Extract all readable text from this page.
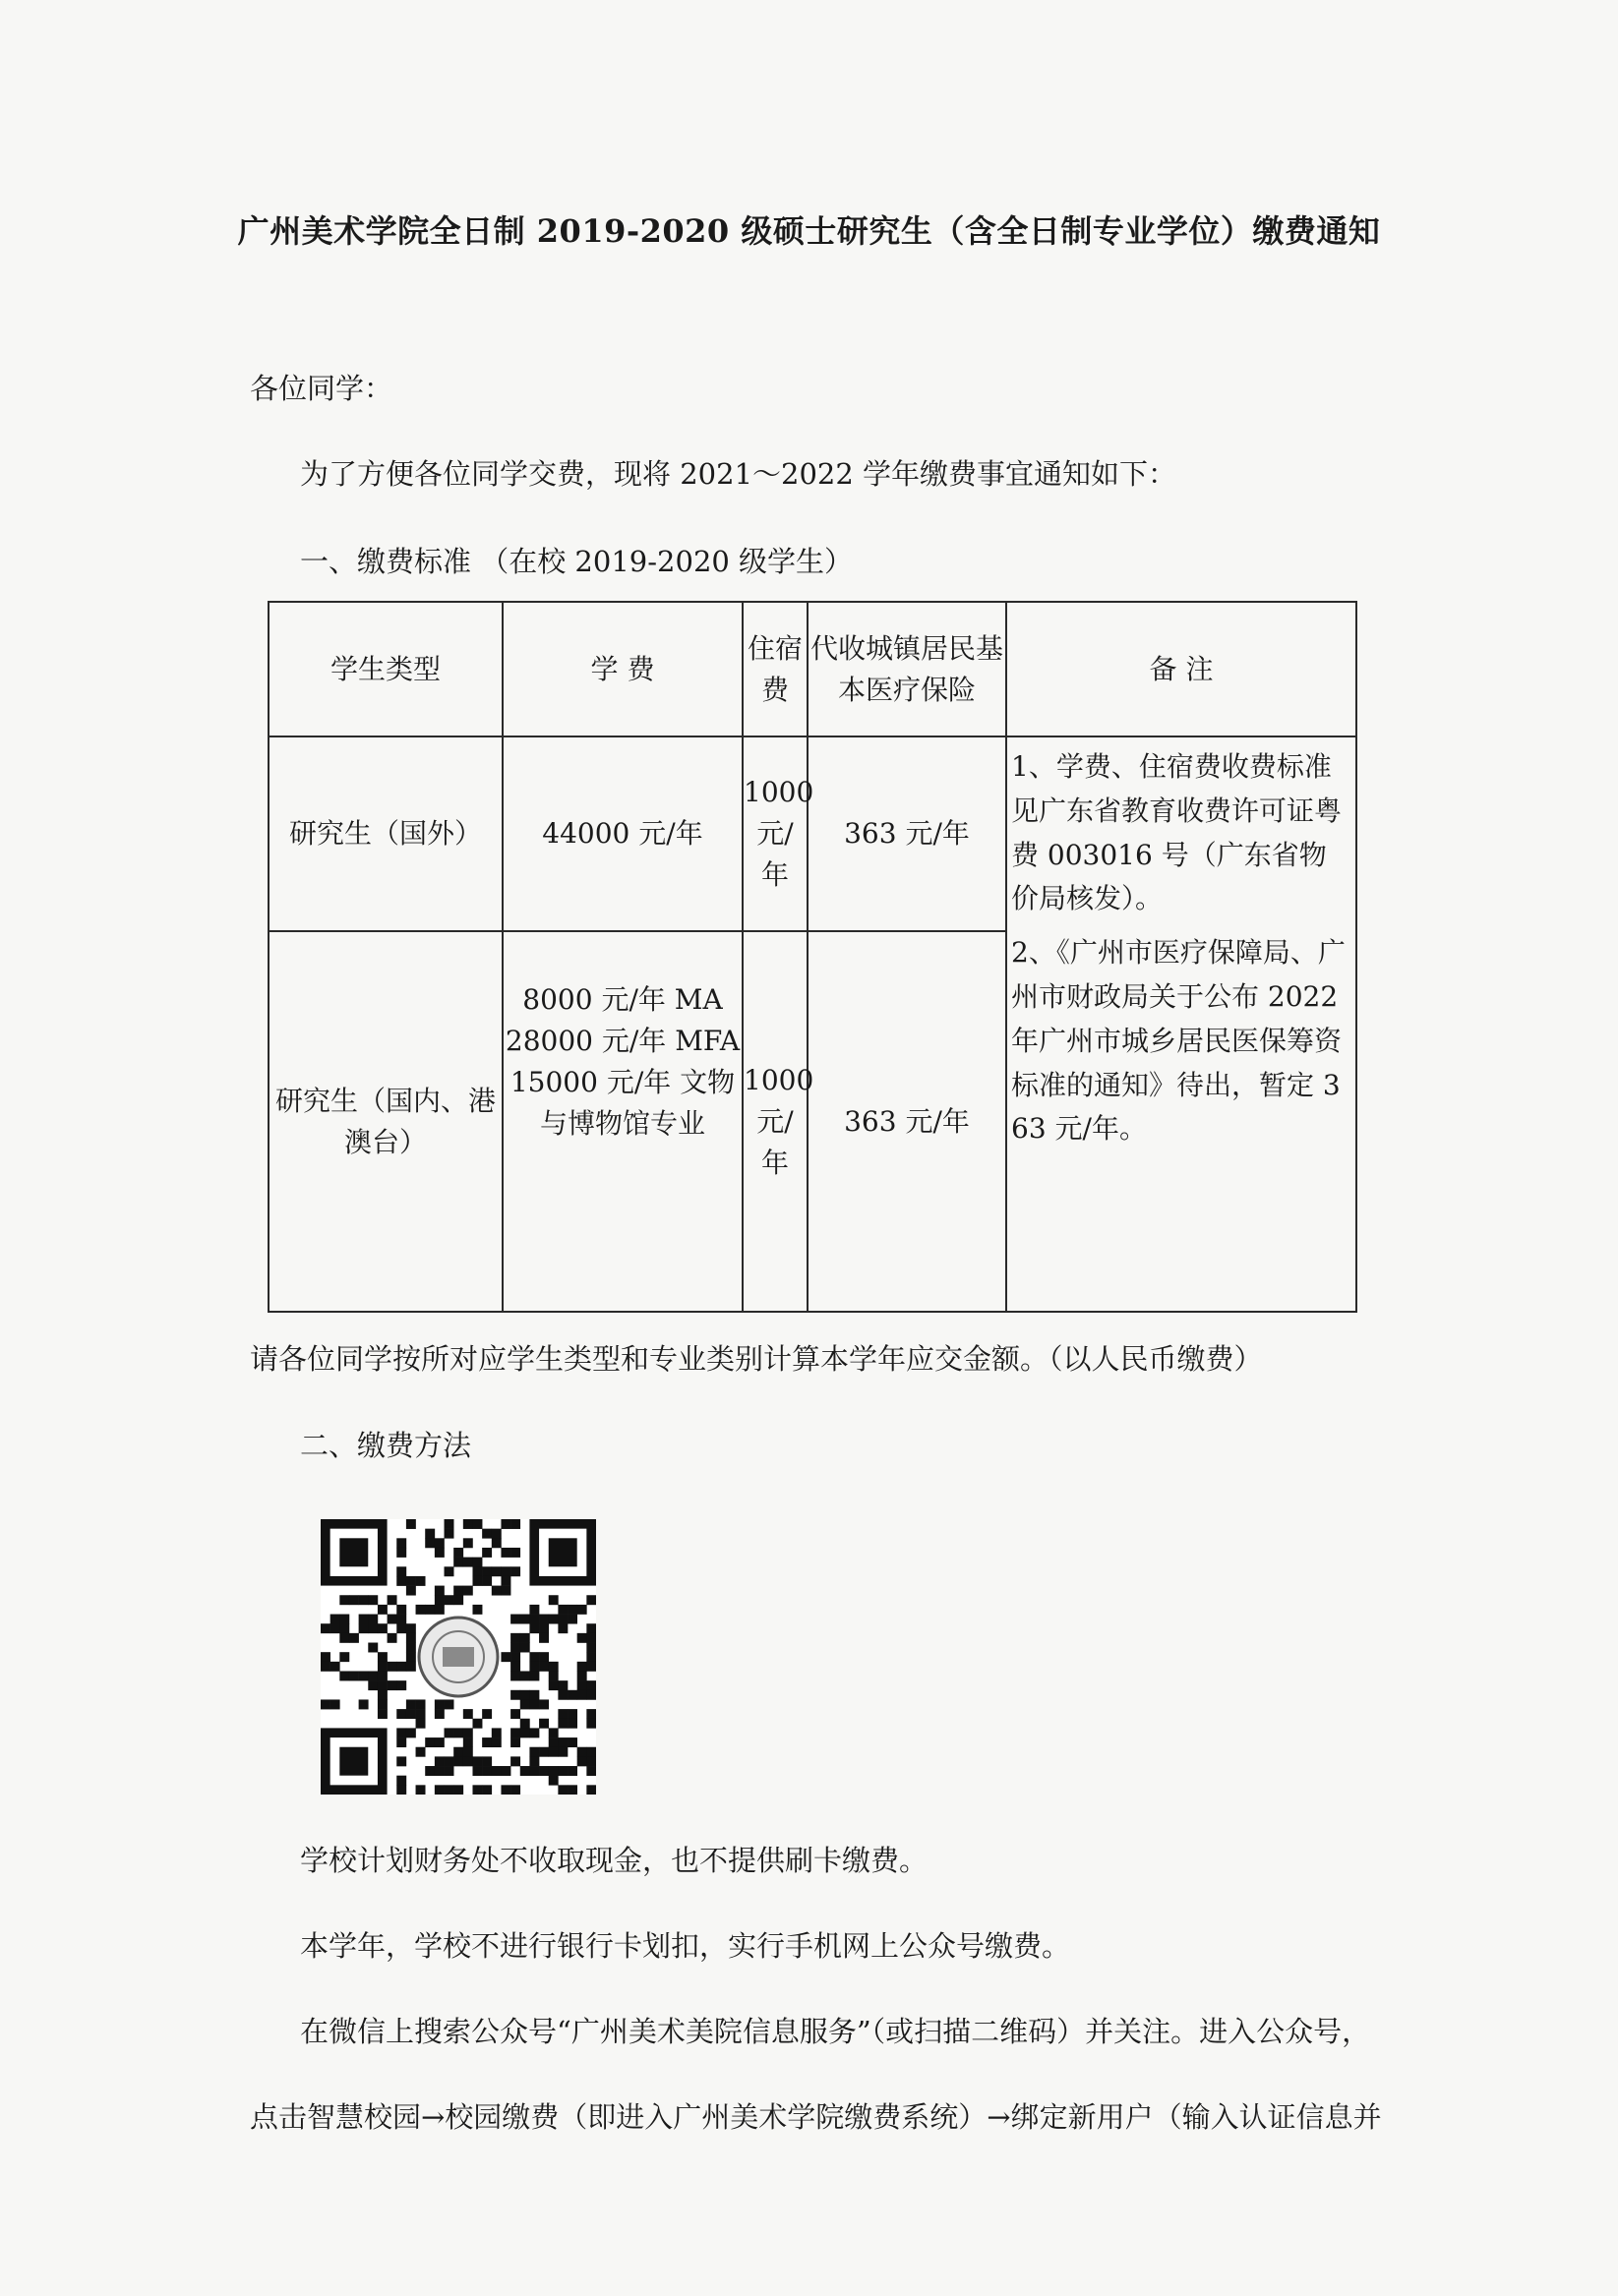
广州美术学院全日制 2019-2020 级硕士研究生（含全日制专业学位）缴费通知

各位同学：

为了方便各位同学交费，现将 2021～2022 学年缴费事宜通知如下：

一、缴费标准 （在校 2019-2020 级学生）

学生类型	学 费	住宿费	代收城镇居民基本医疗保险	备 注
研究生（国外）	44000 元/年	1000 元/年	363 元/年	1、学费、住宿费收费标准见广东省教育收费许可证粤费 003016 号（广东省物价局核发）。

2、《广州市医疗保障局、广州市财政局关于公布 2022 年广州市城乡居民医保筹资标准的通知》待出，暂定 363 元/年。

研究生（国内、港澳台）	8000 元/年 MA
28000 元/年 MFA
15000 元/年 文物与博物馆专业	1000 元/年	363 元/年	

请各位同学按所对应学生类型和专业类别计算本学年应交金额。（以人民币缴费）

二、缴费方法

学校计划财务处不收取现金，也不提供刷卡缴费。

本学年，学校不进行银行卡划扣，实行手机网上公众号缴费。

在微信上搜索公众号“广州美术美院信息服务”（或扫描二维码）并关注。进入公众号，

点击智慧校园→校园缴费（即进入广州美术学院缴费系统）→绑定新用户（输入认证信息并
